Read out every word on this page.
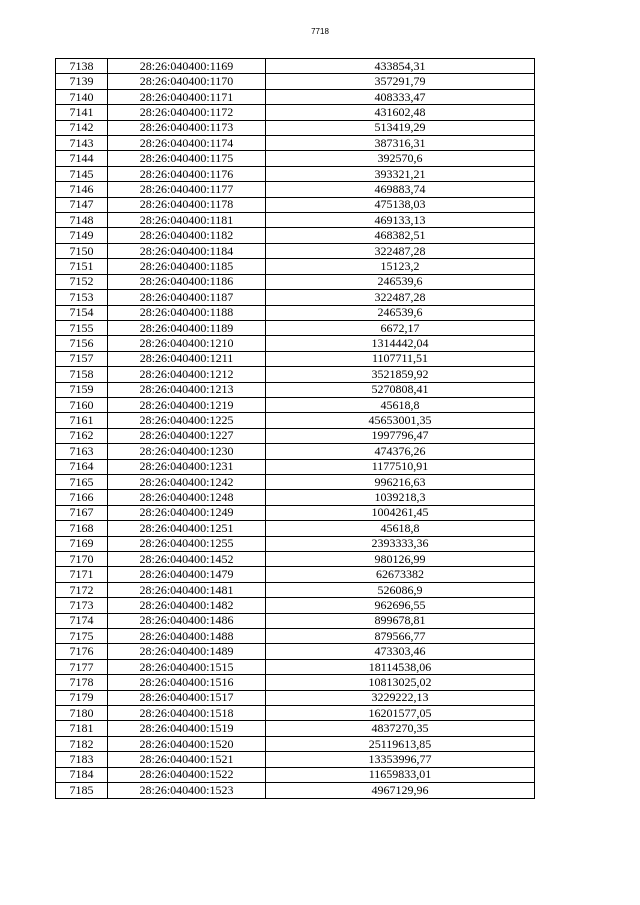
7718
7138	28:26:040400:1169	433854,31
7139	28:26:040400:1170	357291,79
7140	28:26:040400:1171	408333,47
7141	28:26:040400:1172	431602,48
7142	28:26:040400:1173	513419,29
7143	28:26:040400:1174	387316,31
7144	28:26:040400:1175	392570,6
7145	28:26:040400:1176	393321,21
7146	28:26:040400:1177	469883,74
7147	28:26:040400:1178	475138,03
7148	28:26:040400:1181	469133,13
7149	28:26:040400:1182	468382,51
7150	28:26:040400:1184	322487,28
7151	28:26:040400:1185	15123,2
7152	28:26:040400:1186	246539,6
7153	28:26:040400:1187	322487,28
7154	28:26:040400:1188	246539,6
7155	28:26:040400:1189	6672,17
7156	28:26:040400:1210	1314442,04
7157	28:26:040400:1211	1107711,51
7158	28:26:040400:1212	3521859,92
7159	28:26:040400:1213	5270808,41
7160	28:26:040400:1219	45618,8
7161	28:26:040400:1225	45653001,35
7162	28:26:040400:1227	1997796,47
7163	28:26:040400:1230	474376,26
7164	28:26:040400:1231	1177510,91
7165	28:26:040400:1242	996216,63
7166	28:26:040400:1248	1039218,3
7167	28:26:040400:1249	1004261,45
7168	28:26:040400:1251	45618,8
7169	28:26:040400:1255	2393333,36
7170	28:26:040400:1452	980126,99
7171	28:26:040400:1479	62673382
7172	28:26:040400:1481	526086,9
7173	28:26:040400:1482	962696,55
7174	28:26:040400:1486	899678,81
7175	28:26:040400:1488	879566,77
7176	28:26:040400:1489	473303,46
7177	28:26:040400:1515	18114538,06
7178	28:26:040400:1516	10813025,02
7179	28:26:040400:1517	3229222,13
7180	28:26:040400:1518	16201577,05
7181	28:26:040400:1519	4837270,35
7182	28:26:040400:1520	25119613,85
7183	28:26:040400:1521	13353996,77
7184	28:26:040400:1522	11659833,01
7185	28:26:040400:1523	4967129,96
